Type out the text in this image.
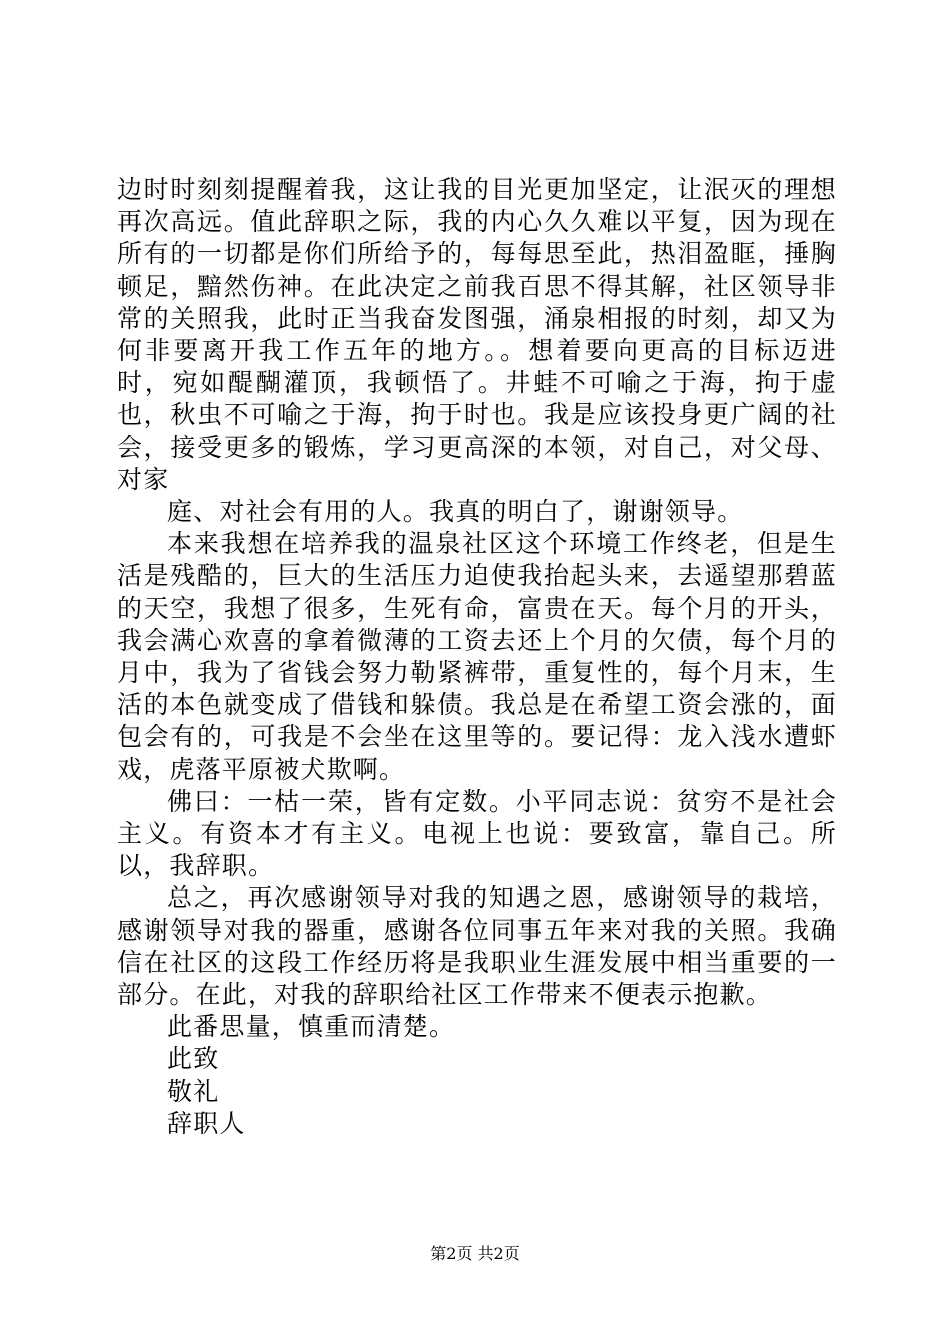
边时时刻刻提醒着我，这让我的目光更加坚定，让泯灭的理想再次高远。值此辞职之际，我的内心久久难以平复，因为现在所有的一切都是你们所给予的，每每思至此，热泪盈眶，捶胸顿足，黯然伤神。在此决定之前我百思不得其解，社区领导非常的关照我，此时正当我奋发图强，涌泉相报的时刻，却又为何非要离开我工作五年的地方。。想着要向更高的目标迈进时，宛如醍醐灌顶，我顿悟了。井蛙不可喻之于海，拘于虚也，秋虫不可喻之于海，拘于时也。我是应该投身更广阔的社会，接受更多的锻炼，学习更高深的本领，对自己，对父母、对家

庭、对社会有用的人。我真的明白了，谢谢领导。

本来我想在培养我的温泉社区这个环境工作终老，但是生活是残酷的，巨大的生活压力迫使我抬起头来，去遥望那碧蓝的天空，我想了很多，生死有命，富贵在天。每个月的开头，我会满心欢喜的拿着微薄的工资去还上个月的欠债，每个月的月中，我为了省钱会努力勒紧裤带，重复性的，每个月末，生活的本色就变成了借钱和躲债。我总是在希望工资会涨的，面包会有的，可我是不会坐在这里等的。要记得：龙入浅水遭虾戏，虎落平原被犬欺啊。

佛曰：一枯一荣，皆有定数。小平同志说：贫穷不是社会主义。有资本才有主义。电视上也说：要致富，靠自己。所以，我辞职。

总之，再次感谢领导对我的知遇之恩，感谢领导的栽培，感谢领导对我的器重，感谢各位同事五年来对我的关照。我确信在社区的这段工作经历将是我职业生涯发展中相当重要的一部分。在此，对我的辞职给社区工作带来不便表示抱歉。

此番思量，慎重而清楚。

此致

敬礼

辞职人

第2页 共2页
